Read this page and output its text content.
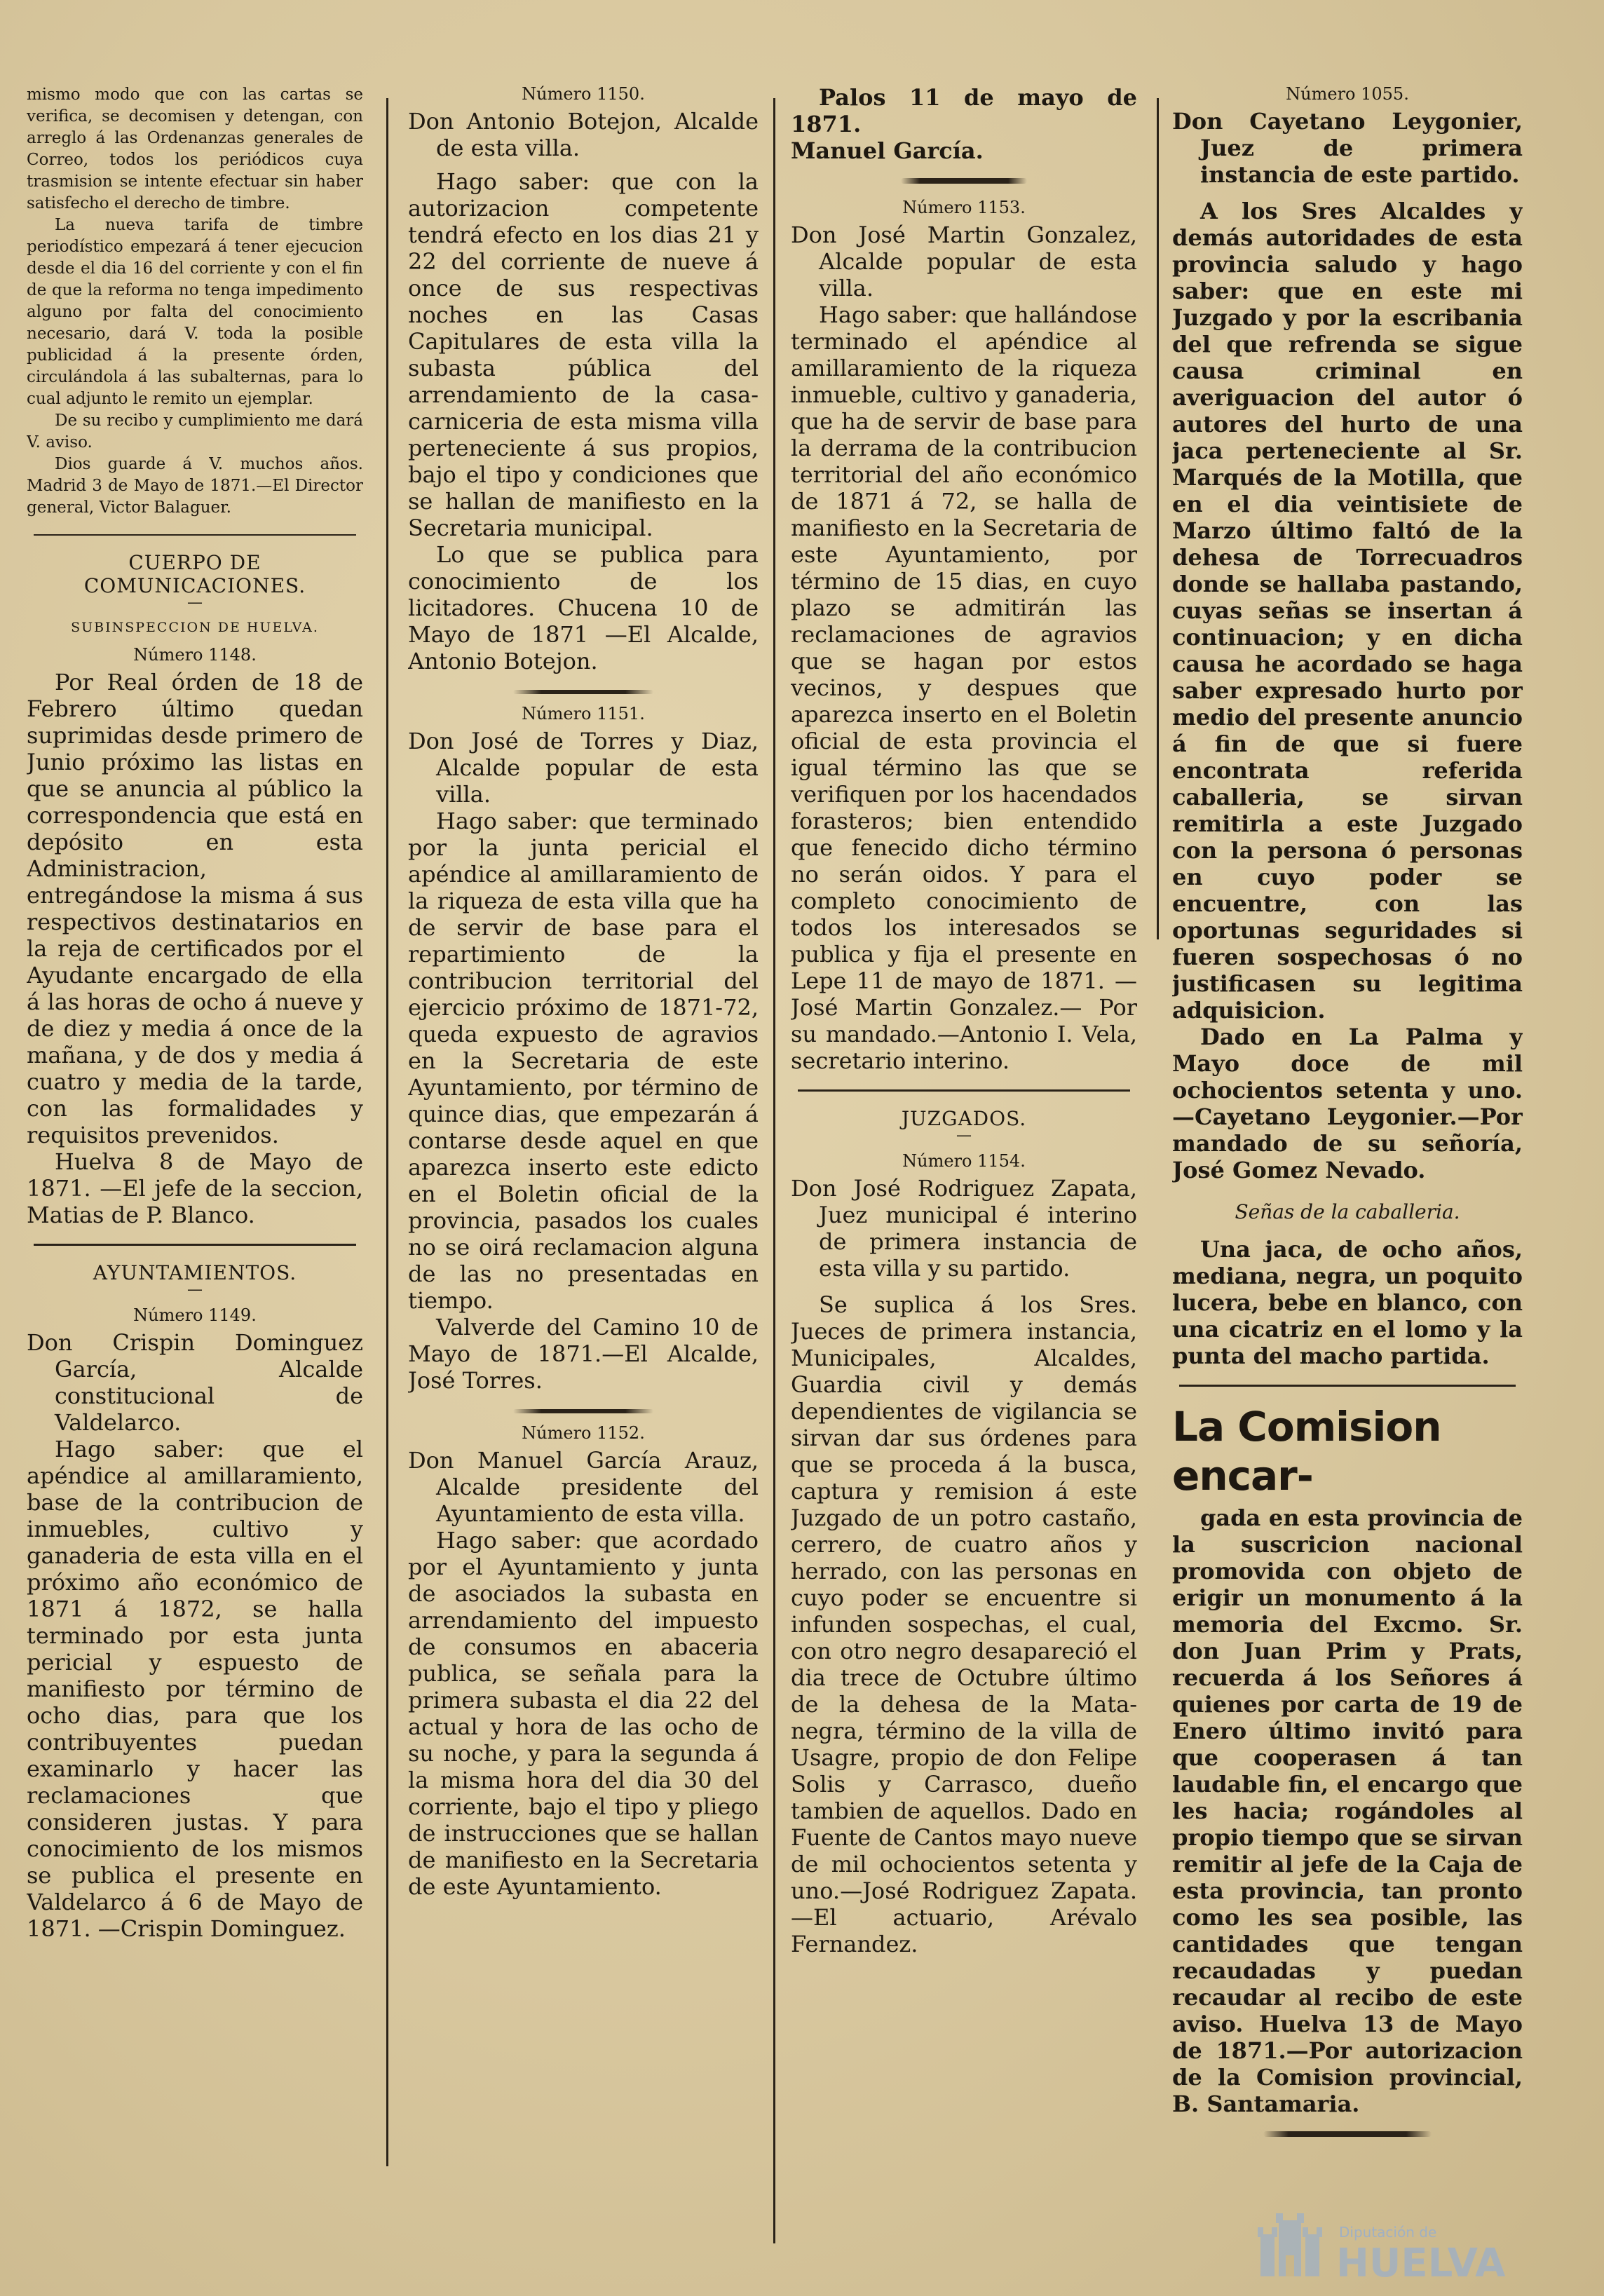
mismo modo que con las cartas se verifica, se decomisen y detengan, con arreglo á las Ordenanzas generales de Correo, todos los periódicos cuya trasmision se intente efectuar sin haber satisfecho el derecho de timbre.

La nueva tarifa de timbre periodístico empezará á tener ejecucion desde el dia 16 del corriente y con el fin de que la reforma no tenga impedimento alguno por falta del conocimiento necesario, dará V. toda la posible publicidad á la presente órden, circulándola á las subalternas, para lo cual adjunto le remito un ejemplar.

De su recibo y cumplimiento me dará V. aviso.

Dios guarde á V. muchos años. Madrid 3 de Mayo de 1871.—El Director general, Victor Balaguer.

CUERPO DE COMUNICACIONES.

—

SUBINSPECCION DE HUELVA.

Número 1148.

Por Real órden de 18 de Febrero último quedan suprimidas desde primero de Junio próximo las listas en que se anuncia al público la correspondencia que está en depósito en esta Administracion, entregándose la misma á sus respectivos destinatarios en la reja de certificados por el Ayudante encargado de ella á las horas de ocho á nueve y de diez y media á once de la mañana, y de dos y media á cuatro y media de la tarde, con las formalidades y requisitos prevenidos.

Huelva 8 de Mayo de 1871. —El jefe de la seccion, Matias de P. Blanco.

AYUNTAMIENTOS.

—

Número 1149.

Don Crispin Dominguez García, Alcalde constitucional de Valdelarco.

Hago saber: que el apéndice al amillaramiento, base de la contribucion de inmuebles, cultivo y ganaderia de esta villa en el próximo año económico de 1871 á 1872, se halla terminado por esta junta pericial y espuesto de manifiesto por término de ocho dias, para que los contribuyentes puedan examinarlo y hacer las reclamaciones que consideren justas. Y para conocimiento de los mismos se publica el presente en Valdelarco á 6 de Mayo de 1871. —Crispin Dominguez.

Número 1150.

Don Antonio Botejon, Alcalde de esta villa.

Hago saber: que con la autorizacion competente tendrá efecto en los dias 21 y 22 del corriente de nueve á once de sus respectivas noches en las Casas Capitulares de esta villa la subasta pública del arrendamiento de la casa-carniceria de esta misma villa perteneciente á sus propios, bajo el tipo y condiciones que se hallan de manifiesto en la Secretaria municipal.

Lo que se publica para conocimiento de los licitadores. Chucena 10 de Mayo de 1871 —El Alcalde, Antonio Botejon.

Número 1151.

Don José de Torres y Diaz, Alcalde popular de esta villa.

Hago saber: que terminado por la junta pericial el apéndice al amillaramiento de la riqueza de esta villa que ha de servir de base para el repartimiento de la contribucion territorial del ejercicio próximo de 1871-72, queda expuesto de agravios en la Secretaria de este Ayuntamiento, por término de quince dias, que empezarán á contarse desde aquel en que aparezca inserto este edicto en el Boletin oficial de la provincia, pasados los cuales no se oirá reclamacion alguna de las no presentadas en tiempo.

Valverde del Camino 10 de Mayo de 1871.—El Alcalde, José Torres.

Número 1152.

Don Manuel García Arauz, Alcalde presidente del Ayuntamiento de esta villa.

Hago saber: que acordado por el Ayuntamiento y junta de asociados la subasta en arrendamiento del impuesto de consumos en abaceria publica, se señala para la primera subasta el dia 22 del actual y hora de las ocho de su noche, y para la segunda á la misma hora del dia 30 del corriente, bajo el tipo y pliego de instrucciones que se hallan de manifiesto en la Secretaria de este Ayuntamiento.

Palos 11 de mayo de 1871.

Manuel García.

Número 1153.

Don José Martin Gonzalez, Alcalde popular de esta villa.

Hago saber: que hallándose terminado el apéndice al amillaramiento de la riqueza inmueble, cultivo y ganaderia, que ha de servir de base para la derrama de la contribucion territorial del año económico de 1871 á 72, se halla de manifiesto en la Secretaria de este Ayuntamiento, por término de 15 dias, en cuyo plazo se admitirán las reclamaciones de agravios que se hagan por estos vecinos, y despues que aparezca inserto en el Boletin oficial de esta provincia el igual término las que se verifiquen por los hacendados forasteros; bien entendido que fenecido dicho término no serán oidos. Y para el completo conocimiento de todos los interesados se publica y fija el presente en Lepe 11 de mayo de 1871. —José Martin Gonzalez.— Por su mandado.—Antonio I. Vela, secretario interino.

JUZGADOS.

—

Número 1154.

Don José Rodriguez Zapata, Juez municipal é interino de primera instancia de esta villa y su partido.

Se suplica á los Sres. Jueces de primera instancia, Municipales, Alcaldes, Guardia civil y demás dependientes de vigilancia se sirvan dar sus órdenes para que se proceda á la busca, captura y remision á este Juzgado de un potro castaño, cerrero, de cuatro años y herrado, con las personas en cuyo poder se encuentre si infunden sospechas, el cual, con otro negro desapareció el dia trece de Octubre último de la dehesa de la Mata-negra, término de la villa de Usagre, propio de don Felipe Solis y Carrasco, dueño tambien de aquellos. Dado en Fuente de Cantos mayo nueve de mil ochocientos setenta y uno.—José Rodriguez Zapata.—El actuario, Arévalo Fernandez.

Número 1055.

Don Cayetano Leygonier, Juez de primera instancia de este partido.

A los Sres Alcaldes y demás autoridades de esta provincia saludo y hago saber: que en este mi Juzgado y por la escribania del que refrenda se sigue causa criminal en averiguacion del autor ó autores del hurto de una jaca perteneciente al Sr. Marqués de la Motilla, que en el dia veintisiete de Marzo último faltó de la dehesa de Torrecuadros donde se hallaba pastando, cuyas señas se insertan á continuacion; y en dicha causa he acordado se haga saber expresado hurto por medio del presente anuncio á fin de que si fuere encontrata referida caballeria, se sirvan remitirla a este Juzgado con la persona ó personas en cuyo poder se encuentre, con las oportunas seguridades si fueren sospechosas ó no justificasen su legitima adquisicion.

Dado en La Palma y Mayo doce de mil ochocientos setenta y uno.—Cayetano Leygonier.—Por mandado de su señoría, José Gomez Nevado.

Señas de la caballeria.

Una jaca, de ocho años, mediana, negra, un poquito lucera, bebe en blanco, con una cicatriz en el lomo y la punta del macho partida.

La Comision encar-

gada en esta provincia de la suscricion nacional promovida con objeto de erigir un monumento á la memoria del Excmo. Sr. don Juan Prim y Prats, recuerda á los Señores á quienes por carta de 19 de Enero último invitó para que cooperasen á tan laudable fin, el encargo que les hacia; rogándoles al propio tiempo que se sirvan remitir al jefe de la Caja de esta provincia, tan pronto como les sea posible, las cantidades que tengan recaudadas y puedan recaudar al recibo de este aviso. Huelva 13 de Mayo de 1871.—Por autorizacion de la Comision provincial, B. Santamaria.

Diputación de
HUELVA
